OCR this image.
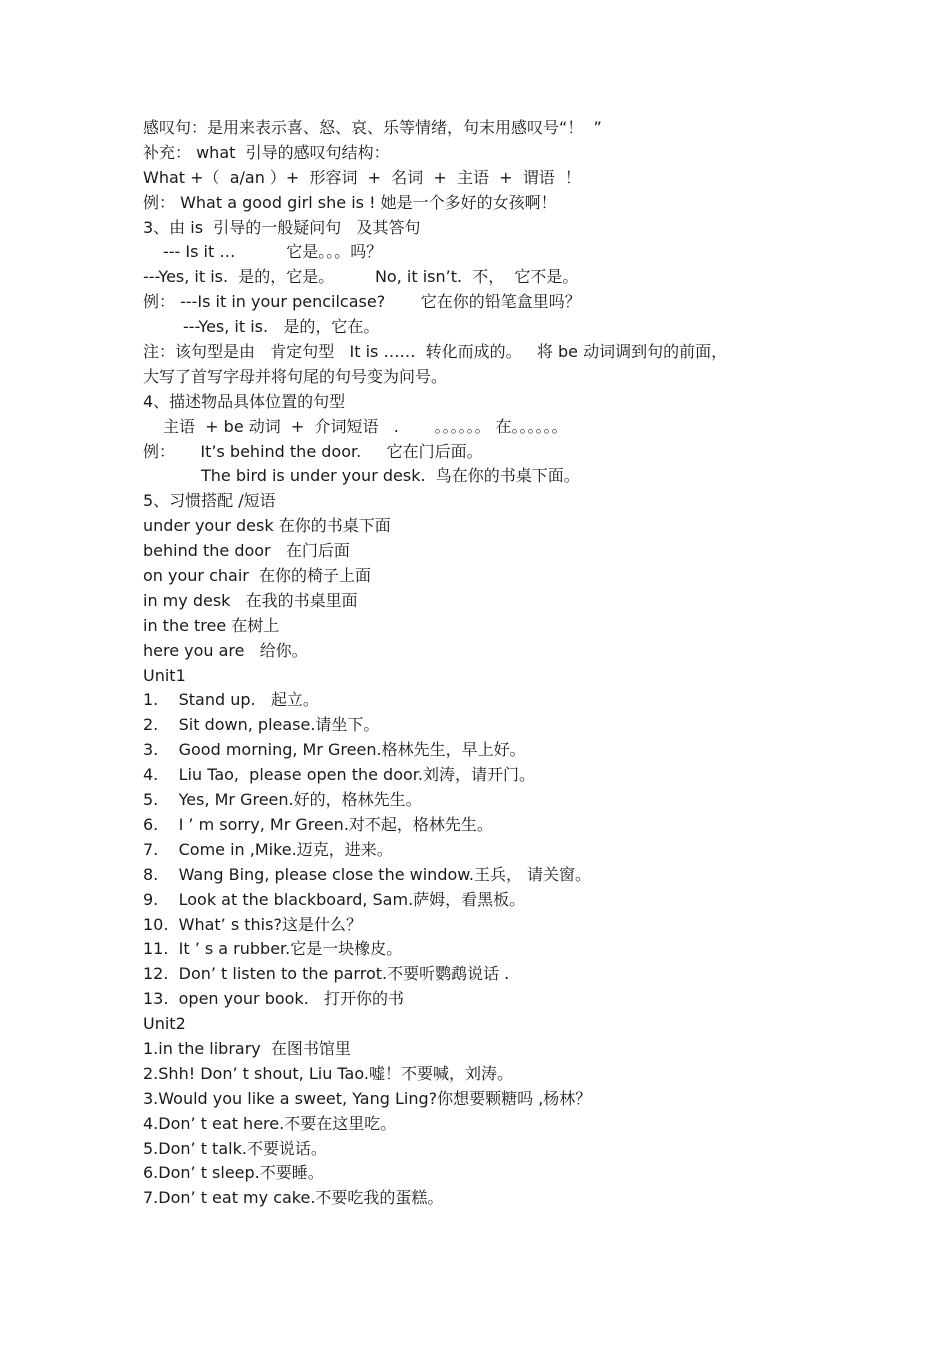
感叹句：是用来表示喜、怒、哀、乐等情绪，句末用感叹号“！  ”
补充： what  引导的感叹句结构：
What +（  a/an ）+  形容词  +  名词  +  主语  +  谓语  ！
例： What a good girl she is ! 她是一个多好的女孩啊！
3、由 is  引导的一般疑问句   及其答句
--- Is it …          它是。。。吗？
---Yes, it is.  是的，它是。        No, it isn’t.  不，  它不是。
例： ---Is it in your pencilcase?       它在你的铅笔盒里吗？
---Yes, it is.   是的，它在。
注：该句型是由   肯定句型   It is ……  转化而成的。   将 be 动词调到句的前面，
大写了首写字母并将句尾的句号变为问号。
4、描述物品具体位置的句型
主语  + be 动词  +  介词短语   .       。。。。。。 在。。。。。。
例：     It’s behind the door.     它在门后面。
The bird is under your desk.  鸟在你的书桌下面。
5、习惯搭配 /短语
under your desk 在你的书桌下面
behind the door   在门后面
on your chair  在你的椅子上面
in my desk   在我的书桌里面
in the tree 在树上
here you are   给你。
Unit1
1.    Stand up.   起立。
2.    Sit down, please.请坐下。
3.    Good morning, Mr Green.格林先生，早上好。
4.    Liu Tao,  please open the door.刘涛，请开门。
5.    Yes, Mr Green.好的，格林先生。
6.    I ’ m sorry, Mr Green.对不起，格林先生。
7.    Come in ,Mike.迈克，进来。
8.    Wang Bing, please close the window.王兵， 请关窗。
9.    Look at the blackboard, Sam.萨姆，看黑板。
10.  What’ s this?这是什么？
11.  It ’ s a rubber.它是一块橡皮。
12.  Don’ t listen to the parrot.不要听鹦鹉说话 .
13.  open your book.   打开你的书
Unit2
1.in the library  在图书馆里
2.Shh! Don’ t shout, Liu Tao.嘘！不要喊，刘涛。
3.Would you like a sweet, Yang Ling?你想要颗糖吗 ,杨林？
4.Don’ t eat here.不要在这里吃。
5.Don’ t talk.不要说话。
6.Don’ t sleep.不要睡。
7.Don’ t eat my cake.不要吃我的蛋糕。
